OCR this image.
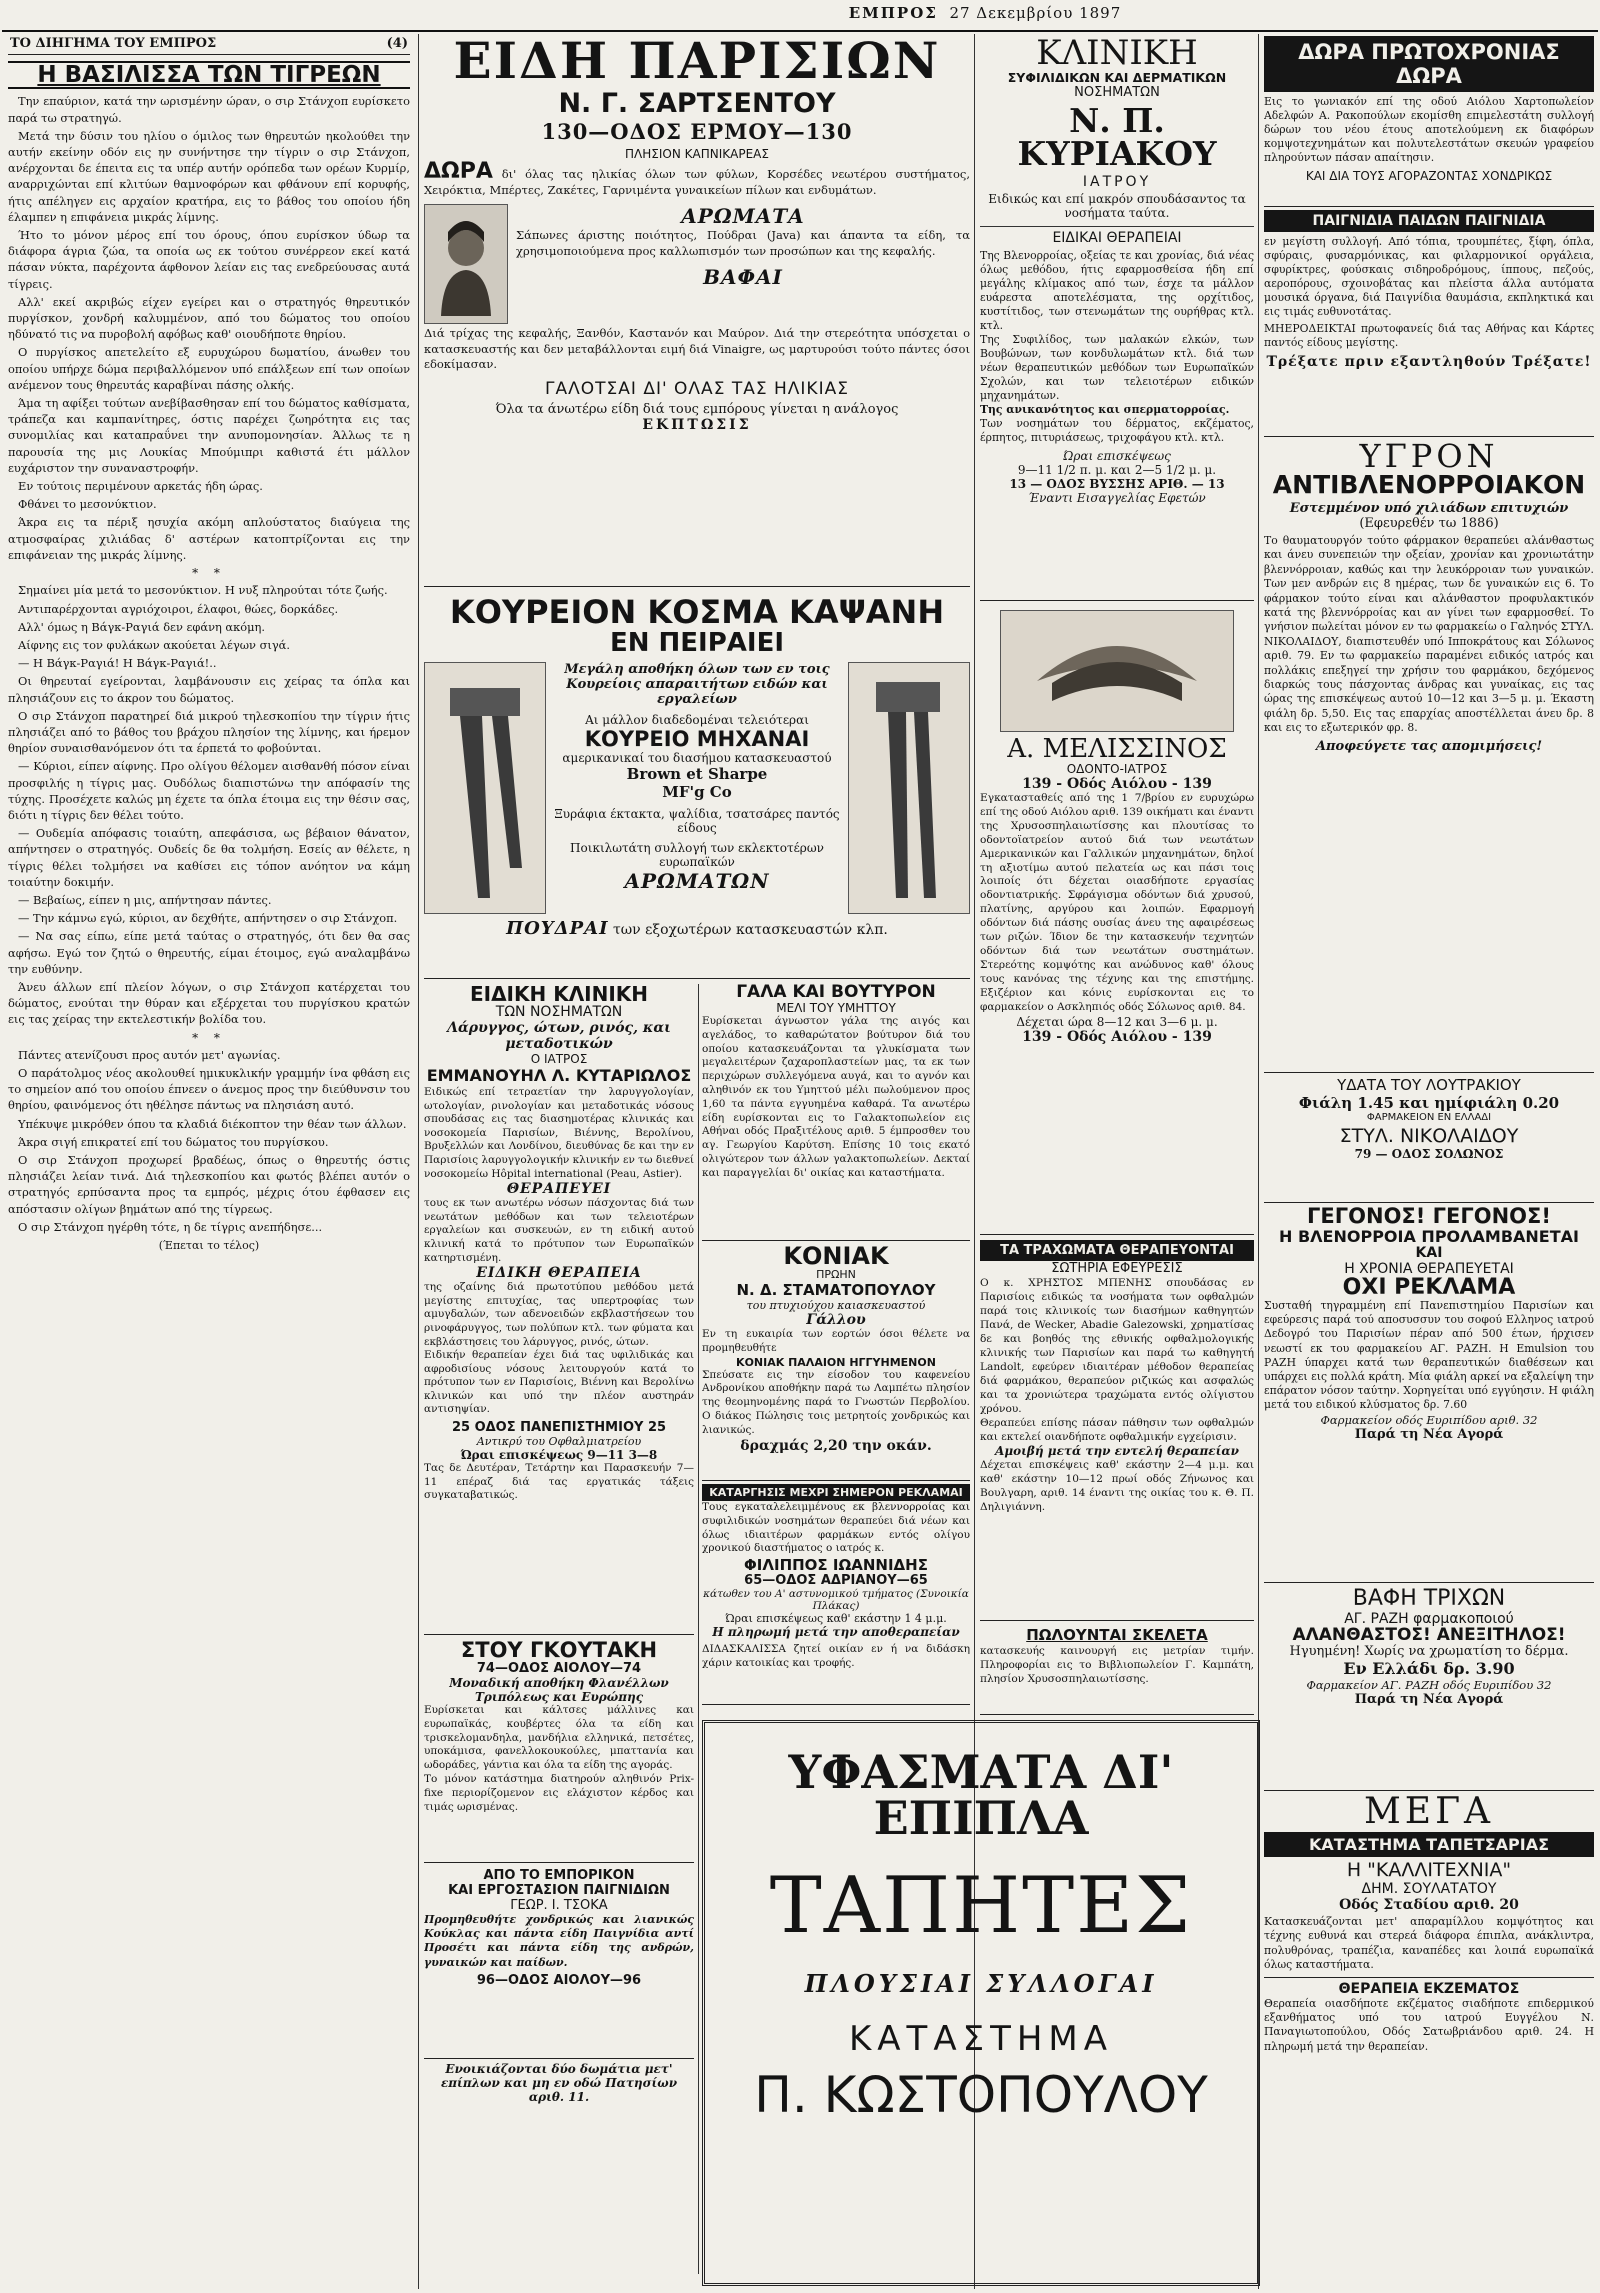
ΕΜΠΡΟΣ 27 Δεκεμβρίου 1897
ΤΟ ΔΙΗΓΗΜΑ ΤΟΥ ΕΜΠΡΟΣ	(4)
Η ΒΑΣΙΛΙΣΣΑ ΤΩΝ ΤΙΓΡΕΩΝ

Την επαύριον, κατά την ωρισμένην ώραν, ο σιρ Στάνχοπ ευρίσκετο παρά τω στρατηγώ.

Μετά την δύσιν του ηλίου ο όμιλος των θηρευτών ηκολούθει την αυτήν εκείνην οδόν εις ην συνήντησε την τίγριν ο σιρ Στάνχοπ, ανέρχονται δε έπειτα εις τα υπέρ αυτήν ορόπεδα των ορέων Κυρμίρ, αναρριχώνται επί κλιτύων θαμνοφόρων και φθάνουν επί κορυφής, ήτις απέληγεν εις αρχαίον κρατήρα, εις το βάθος του οποίου ήδη έλαμπεν η επιφάνεια μικράς λίμνης.

Ήτο το μόνον μέρος επί του όρους, όπου ευρίσκον ύδωρ τα διάφορα άγρια ζώα, τα οποία ως εκ τούτου συνέρρεον εκεί κατά πάσαν νύκτα, παρέχοντα άφθονον λείαν εις τας ενεδρεύουσας αυτά τίγρεις.

Αλλ' εκεί ακριβώς είχεν εγείρει και ο στρατηγός θηρευτικόν πυργίσκον, χονδρή καλυμμένον, από του δώματος του οποίου ηδύνατό τις να πυροβολή αφόβως καθ' οιουδήποτε θηρίου.

Ο πυργίσκος απετελείτο εξ ευρυχώρου δωματίου, άνωθεν του οποίου υπήρχε δώμα περιβαλλόμενον υπό επάλξεων επί των οποίων ανέμενον τους θηρευτάς καραβίναι πάσης ολκής.

Άμα τη αφίξει τούτων ανεβίβασθησαν επί του δώματος καθίσματα, τράπεζα και καμπανίτηρες, όστις παρέχει ζωηρότητα εις τας συνομιλίας και καταπραΰνει την ανυπομονησίαν. Άλλως τε η παρουσία της μις Λουκίας Μπούμιπρι καθιστά έτι μάλλον ευχάριστον την συναναστροφήν.

Εν τούτοις περιμένουν αρκετάς ήδη ώρας.

Φθάνει το μεσονύκτιον.

Άκρα εις τα πέριξ ησυχία ακόμη απλούστατος διαύγεια της ατμοσφαίρας χιλιάδας δ' αστέρων κατοπτρίζονται εις την επιφάνειαν της μικράς λίμνης.

* *

Σημαίνει μία μετά το μεσονύκτιον. Η νυξ πληρούται τότε ζωής.

Αντιπαρέρχονται αγριόχοιροι, έλαφοι, θώες, δορκάδες.

Αλλ' όμως η Βάγκ-Ραγιά δεν εφάνη ακόμη.

Αίφνης εις τον φυλάκων ακούεται λέγων σιγά.

— Η Βάγκ-Ραγιά! Η Βάγκ-Ραγιά!..

Οι θηρευταί εγείρονται, λαμβάνουσιν εις χείρας τα όπλα και πλησιάζουν εις το άκρον του δώματος.

Ο σιρ Στάνχοπ παρατηρεί διά μικρού τηλεσκοπίου την τίγριν ήτις πλησιάζει από το βάθος του βράχου πλησίον της λίμνης, και ήρεμον θηρίον συναισθανόμενον ότι τα έρπετά το φοβούνται.

— Κύριοι, είπεν αίφνης. Προ ολίγου θέλομεν αισθανθή πόσον είναι προσφιλής η τίγρις μας. Ουδόλως διαπιστώνω την απόφασίν της τύχης. Προσέχετε καλώς μη έχετε τα όπλα έτοιμα εις την θέσιν σας, διότι η τίγρις δεν θέλει τούτο.

— Ουδεμία απόφασις τοιαύτη, απεφάσισα, ως βέβαιον θάνατον, απήντησεν ο στρατηγός. Ουδείς δε θα τολμήση. Εσείς αν θέλετε, η τίγρις θέλει τολμήσει να καθίσει εις τόπον ανόητον να κάμη τοιαύτην δοκιμήν.

— Βεβαίως, είπεν η μις, απήντησαν πάντες.

— Την κάμνω εγώ, κύριοι, αν δεχθήτε, απήντησεν ο σιρ Στάνχοπ.

— Να σας είπω, είπε μετά ταύτας ο στρατηγός, ότι δεν θα σας αφήσω. Εγώ τον ζητώ ο θηρευτής, είμαι έτοιμος, εγώ αναλαμβάνω την ευθύνην.

Άνευ άλλων επί πλείον λόγων, ο σιρ Στάνχοπ κατέρχεται του δώματος, ενούται την θύραν και εξέρχεται του πυργίσκου κρατών εις τας χείρας την εκτελεστικήν βολίδα του.

* *

Πάντες ατενίζουσι προς αυτόν μετ' αγωνίας.

Ο παράτολμος νέος ακολουθεί ημικυκλικήν γραμμήν ίνα φθάση εις το σημείον από του οποίου έπνεεν ο άνεμος προς την διεύθυνσιν του θηρίου, φαινόμενος ότι ηθέλησε πάντως να πλησιάση αυτό.

Υπέκυψε μικρόθεν όπου τα κλαδιά διέκοπτον την θέαν των άλλων.

Άκρα σιγή επικρατεί επί του δώματος του πυργίσκου.

Ο σιρ Στάνχοπ προχωρεί βραδέως, όπως ο θηρευτής όστις πλησιάζει λείαν τινά. Διά τηλεσκοπίου και φωτός βλέπει αυτόν ο στρατηγός ερπύσαντα προς τα εμπρός, μέχρις ότου έφθασεν εις απόστασιν ολίγων βημάτων από της τίγρεως.

Ο σιρ Στάνχοπ ηγέρθη τότε, η δε τίγρις ανεπήδησε...

(Έπεται το τέλος)
ΕΙΔΗ ΠΑΡΙΣΙΩΝ
Ν. Γ. ΣΑΡΤΣΕΝΤΟΥ
130—ΟΔΟΣ ΕΡΜΟΥ—130
ΠΛΗΣΙΟΝ ΚΑΠΝΙΚΑΡΕΑΣ
ΔΩΡΑ δι' όλας τας ηλικίας όλων των φύλων, Κορσέδες νεωτέρου συστήματος, Χειρόκτια, Μπέρτες, Ζακέτες, Γαρνιμέντα γυναικείων πίλων και ενδυμάτων.
ΑΡΩΜΑΤΑ
Σάπωνες άριστης ποιότητος, Πούδραι (Java) και άπαντα τα είδη, τα χρησιμοποιούμενα προς καλλωπισμόν των προσώπων και της κεφαλής.
ΒΑΦΑΙ
Διά τρίχας της κεφαλής, Ξανθόν, Καστανόν και Μαύρον. Διά την στερεότητα υπόσχεται ο κατασκευαστής και δεν μεταβάλλονται ειμή διά Vinaigre, ως μαρτυρούσι τούτο πάντες όσοι εδοκίμασαν.
ΓΑΛΟΤΣΑΙ ΔΙ' ΟΛΑΣ ΤΑΣ ΗΛΙΚΙΑΣ
Όλα τα άνωτέρω είδη διά τους εμπόρους γίνεται η ανάλογος
ΕΚΠΤΩΣΙΣ
ΚΟΥΡΕΙΟΝ ΚΟΣΜΑ ΚΑΨΑΝΗ
ΕΝ ΠΕΙΡΑΙΕΙ
Μεγάλη αποθήκη όλων των εν τοις Κουρείοις απαραιτήτων ειδών και εργαλείων
Αι μάλλον διαδεδομέναι τελειότεραι
ΚΟΥΡΕΙΟ ΜΗΧΑΝΑΙ
αμερικανικαί του διασήμου κατασκευαστού
Brown et Sharpe
MF'g Co
Ξυράφια έκτακτα, ψαλίδια, τσατσάρες παντός είδους
Ποικιλωτάτη συλλογή των εκλεκτοτέρων ευρωπαϊκών
ΑΡΩΜΑΤΩΝ
ΠΟΥΔΡΑΙ των εξοχωτέρων κατασκευαστών κλπ.
ΕΙΔΙΚΗ ΚΛΙΝΙΚΗ
ΤΩΝ ΝΟΣΗΜΑΤΩΝ
Λάρυγγος, ώτων, ρινός, και μεταδοτικών
Ο ΙΑΤΡΟΣ
ΕΜΜΑΝΟΥΗΛ Λ. ΚΥΤΑΡΙΩΛΟΣ
Ειδικώς επί τετραετίαν την λαρυγγολογίαν, ωτολογίαν, ρινολογίαν και μεταδοτικάς νόσους σπουδάσας εις τας διασημοτέρας κλινικάς και νοσοκομεία Παρισίων, Βιέννης, Βερολίνου, Βρυξελλών και Λονδίνου, διευθύνας δε και την εν Παρισίοις λαρυγγολογικήν κλινικήν εν τω διεθνεί νοσοκομείω Hôpital international (Peau, Astier).
ΘΕΡΑΠΕΥΕΙ
τους εκ των ανωτέρω νόσων πάσχοντας διά των νεωτάτων μεθόδων και των τελειοτέρων εργαλείων και συσκευών, εν τη ειδική αυτού κλινική κατά το πρότυπον των Ευρωπαϊκών κατηρτισμένη.
ΕΙΔΙΚΗ ΘΕΡΑΠΕΙΑ
της οζαίνης διά πρωτοτύπου μεθόδου μετά μεγίστης επιτυχίας, τας υπερτροφίας των αμυγδαλών, των αδενοειδών εκβλαστήσεων του ρινοφάρυγγος, των πολύπων κτλ. των φύματα και εκβλάστησεις του λάρυγγος, ρινός, ώτων.
Ειδικήν θεραπείαν έχει διά τας υφιλιδικάς και αφροδισίους νόσους λειτουργούν κατά το πρότυπον των εν Παρισίοις, Βιέννη και Βερολίνω κλινικών και υπό την πλέον αυστηράν αντισηψίαν.
25 ΟΔΟΣ ΠΑΝΕΠΙΣΤΗΜΙΟΥ 25
Αντικρύ του Οφθαλμιατρείου
Ώραι επισκέψεως 9—11 3—8
Τας δε Δευτέραν, Τετάρτην και Παρασκευήν 7—11 επέραζ διά τας εργατικάς τάξεις συγκαταβατικώς.
ΓΑΛΑ ΚΑΙ ΒΟΥΤΥΡΟΝ
ΜΕΛΙ ΤΟΥ ΥΜΗΤΤΟΥ
Ευρίσκεται άγνωστον γάλα της αιγός και αγελάδος, το καθαρώτατον βούτυρον διά του οποίου κατασκευάζονται τα γλυκίσματα των μεγαλειτέρων ζαχαροπλαστείων μας, τα εκ των περιχώρων συλλεγόμενα αυγά, και το αγνόν και αληθινόν εκ του Υμηττού μέλι πωλούμενον προς 1,60 τα πάντα εγγυημένα καθαρά. Τα ανωτέρω είδη ευρίσκονται εις το Γαλακτοπωλείον εις Αθήναι οδός Πραξιτέλους αριθ. 5 έμπροσθεν του αγ. Γεωργίου Καρύτση. Επίσης 10 τοις εκατό ολιγώτερον των άλλων γαλακτοπωλείων. Δεκταί και παραγγελίαι δι' οικίας και καταστήματα.
ΚΟΝΙΑΚ
ΠΡΩΗΝ
Ν. Δ. ΣΤΑΜΑΤΟΠΟΥΛΟΥ
του πτυχιούχου καιασκευαστού
Γάλλου
Εν τη ευκαιρία των εορτών όσοι θέλετε να προμηθευθήτε
ΚΟΝΙΑΚ ΠΑΛΑΙΟΝ ΗΓΓΥΗΜΕΝΟΝ
Σπεύσατε εις την είσοδον του καφενείου Ανδρονίκου αποθήκην παρά τω Λαμπέτω πλησίον της θεομηνομένης παρά το Γνωστών Περβολίου. Ο διάκος Πώλησις τοις μετρητοίς χονδρικώς και λιανικώς.
δραχμάς 2,20 την οκάν.
ΚΑΤΑΡΓΗΣΙΣ ΜΕΧΡΙ ΣΗΜΕΡΟΝ ΡΕΚΛΑΜΑΙ
Τους εγκαταλελειμμένους εκ βλεννορροίας και συφιλιδικών νοσημάτων θεραπεύει διά νέων και όλως ιδιαιτέρων φαρμάκων εντός ολίγου χρονικού διαστήματος ο ιατρός κ.
ΦΙΛΙΠΠΟΣ ΙΩΑΝΝΙΔΗΣ
65—ΟΔΟΣ ΑΔΡΙΑΝΟΥ—65
κάτωθεν του Α' αστυνομικού τμήματος (Συνοικία Πλάκας)
Ώραι επισκέψεως καθ' εκάστην 1 4 μ.μ.
Η πληρωμή μετά την αποθεραπείαν
ΔΙΔΑΣΚΑΛΙΣΣΑ ζητεί οικίαν εν ή να διδάσκη χάριν κατοικίας και τροφής.
ΣΤΟΥ ΓΚΟΥΤΑΚΗ
74—ΟΔΟΣ ΑΙΟΛΟΥ—74
Μοναδική αποθήκη Φλανέλλων Τριπόλεως και Ευρώπης
Ευρίσκεται και κάλτσες μάλλινες και ευρωπαϊκάς, κουβέρτες όλα τα είδη και τρισκελομανδηλα, μανδήλια ελληνικά, πετσέτες, υποκάμισα, φανελλοκουκούλες, μπαττανία και ωδοράδες, γάντια και όλα τα είδη της αγοράς.
Το μόνον κατάστημα διατηρούν αληθινόν Prix-fixe περιορίζομενον εις ελάχιστον κέρδος και τιμάς ωρισμένας.
ΑΠΟ ΤΟ ΕΜΠΟΡΙΚΟΝ
ΚΑΙ ΕΡΓΟΣΤΑΣΙΟΝ ΠΑΙΓΝΙΔΙΩΝ
ΓΕΩΡ. Ι. ΤΣΟΚΑ
Προμηθευθήτε χονδρικώς και λιανικώς Κούκλας και πάντα είδη Παιγνίδια αντί Προσέτι και πάντα είδη της ανδρών, γυναικών και παίδων.
96—ΟΔΟΣ ΑΙΟΛΟΥ—96
Ενοικιάζονται δύο δωμάτια μετ' επίπλων και μη εν οδώ Πατησίων αριθ. 11.
ΚΛΙΝΙΚΗ
ΣΥΦΙΛΙΔΙΚΩΝ ΚΑΙ ΔΕΡΜΑΤΙΚΩΝ
ΝΟΣΗΜΑΤΩΝ
Ν. Π. ΚΥΡΙΑΚΟΥ
ΙΑΤΡΟΥ
Ειδικώς και επί μακρόν σπουδάσαντος τα νοσήματα ταύτα.
ΕΙΔΙΚΑΙ ΘΕΡΑΠΕΙΑΙ
Της Βλενορροίας, οξείας τε και χρονίας, διά νέας όλως μεθόδου, ήτις εφαρμοσθείσα ήδη επί μεγάλης κλίμακος από των, έσχε τα μάλλον ευάρεστα αποτελέσματα, της ορχίτιδος, κυστίτιδος, των στενωμάτων της ουρήθρας κτλ. κτλ.
Της Συφιλίδος, των μαλακών ελκών, των Βουβώνων, των κονδυλωμάτων κτλ. διά των νέων θεραπευτικών μεθόδων των Ευρωπαϊκών Σχολών, και των τελειοτέρων ειδικών μηχανημάτων.
Της ανικανότητος και σπερματορροίας.
Των νοσημάτων του δέρματος, εκζέματος, έρπητος, πιτυριάσεως, τριχοφάγου κτλ. κτλ.
Ώραι επισκέψεως
9—11 1/2 π. μ. και 2—5 1/2 μ. μ.
13 — ΟΔΟΣ ΒΥΣΣΗΣ ΑΡΙΘ. — 13
Έναντι Εισαγγελίας Εφετών
Α. ΜΕΛΙΣΣΙΝΟΣ
ΟΔΟΝΤΟ-ΙΑΤΡΟΣ
139 - Οδός Αιόλου - 139
Εγκατασταθείς από της 1 7/βρίου εν ευρυχώρω επί της οδού Αιόλου αριθ. 139 οικήματι και έναντι της Χρυσοσπηλαιωτίσσης και πλουτίσας το οδοντοϊατρείον αυτού διά των νεωτάτων Αμερικανικών και Γαλλικών μηχανημάτων, δηλοί τη αξιοτίμω αυτού πελατεία ως και πάσι τοις λοιποίς ότι δέχεται οιασδήποτε εργασίας οδοντιατρικής. Σφράγισμα οδόντων διά χρυσού, πλατίνης, αργύρου και λοιπών. Εφαρμογή οδόντων διά πάσης ουσίας άνευ της αφαιρέσεως των ριζών. Ίδιον δε την κατασκευήν τεχνητών οδόντων διά των νεωτάτων συστημάτων. Στερεότης κομψότης και ανώδυνος καθ' όλους τους κανόνας της τέχνης και της επιστήμης. Εξιζέριον και κόνις ευρίσκονται εις το φαρμακείον ο Ασκληπιός οδός Σόλωνος αριθ. 84.
Δέχεται ώρα 8—12 και 3—6 μ. μ.
139 - Οδός Αιόλου - 139
ΤΑ ΤΡΑΧΩΜΑΤΑ ΘΕΡΑΠΕΥΟΝΤΑΙ
ΣΩΤΗΡΙΑ ΕΦΕΥΡΕΣΙΣ
Ο κ. ΧΡΗΣΤΟΣ ΜΠΕΝΗΣ σπουδάσας εν Παρισίοις ειδικώς τα νοσήματα των οφθαλμών παρά τοις κλινικοίς των διασήμων καθηγητών Πανά, de Wecker, Abadie Galezowski, χρηματίσας δε και βοηθός της εθνικής οφθαλμολογικής κλινικής των Παρισίων και παρά τω καθηγητή Landolt, εφεύρεν ιδιαιτέραν μέθοδον θεραπείας διά φαρμάκου, θεραπεύον ριζικώς και ασφαλώς και τα χρονιώτερα τραχώματα εντός ολίγιστου χρόνου.
Θεραπεύει επίσης πάσαν πάθησιν των οφθαλμών και εκτελεί οιανδήποτε οφθαλμικήν εγχείρισιν.
Αμοιβή μετά την εντελή θεραπείαν
Δέχεται επισκέψεις καθ' εκάστην 2—4 μ.μ. και καθ' εκάστην 10—12 πρωί οδός Ζήνωνος και Βουλγαρη, αριθ. 14 έναντι της οικίας του κ. Θ. Π. Δηλιγιάννη.
ΠΩΛΟΥΝΤΑΙ ΣΚΕΛΕΤΑ
κατασκευής καινουργή εις μετρίαν τιμήν. Πληροφορίαι εις το Βιβλιοπωλείον Γ. Καμπάτη, πλησίον Χρυσοσπηλαιωτίσσης.
ΥΦΑΣΜΑΤΑ ΔΙ' ΕΠΙΠΛΑ
ΤΑΠΗΤΕΣ
ΠΛΟΥΣΙΑΙ ΣΥΛΛΟΓΑΙ
ΚΑΤΑΣΤΗΜΑ
Π. ΚΩΣΤΟΠΟΥΛΟΥ
ΔΩΡΑ ΠΡΩΤΟΧΡΟΝΙΑΣ ΔΩΡΑ
Εις το γωνιακόν επί της οδού Αιόλου Χαρτοπωλείον Αδελφών Α. Ρακοπούλων εκομίσθη επιμελεστάτη συλλογή δώρων του νέου έτους αποτελούμενη εκ διαφόρων κομψοτεχνημάτων και πολυτελεστάτων σκευών γραφείου πληρούντων πάσαν απαίτησιν.
ΚΑΙ ΔΙΑ ΤΟΥΣ ΑΓΟΡΑΖΟΝΤΑΣ ΧΟΝΔΡΙΚΩΣ
ΠΑΙΓΝΙΔΙΑ ΠΑΙΔΩΝ ΠΑΙΓΝΙΔΙΑ
εν μεγίστη συλλογή. Από τόπια, τρουμπέτες, ξίφη, όπλα, σφύραις, φυσαρμόνικας, και φιλαρμονικοί οργάλεια, σφυρίκτρες, φούσκαις σιδηροδρόμους, ίππους, πεζούς, αεροπόρους, σχοινοβάτας και πλείστα άλλα αυτόματα μουσικά όργανα, διά Παιγνίδια θαυμάσια, εκπληκτικά και εις τιμάς ευθυνοτάτας.
ΜΗΕΡΟΔΕΙΚΤΑΙ πρωτοφανείς διά τας Αθήνας και Κάρτες παντός είδους μεγίστης.
Τρέξατε πριν εξαντληθούν Τρέξατε!
ΥΓΡΟΝ
ΑΝΤΙΒΛΕΝΟΡΡΟΙΑΚΟΝ
Εστεμμένον υπό χιλιάδων επιτυχιών
(Εφευρεθέν τω 1886)
Το θαυματουργόν τούτο φάρμακον θεραπεύει αλάνθαστως και άνευ συνεπειών την οξείαν, χρονίαν και χρονιωτάτην βλεννόρροιαν, καθώς και την λευκόρροιαν των γυναικών. Των μεν ανδρών εις 8 ημέρας, των δε γυναικών εις 6. Το φάρμακον τούτο είναι και αλάνθαστον προφυλακτικόν κατά της βλεννόρροίας και αν γίνει των εφαρμοσθεί. Το γνήσιον πωλείται μόνον εν τω φαρμακείω ο Γαληνός ΣΤΥΛ. ΝΙΚΟΛΑΙΔΟΥ, διαπιστευθέν υπό Ιπποκράτους και Σόλωνος αριθ. 79. Εν τω φαρμακείω παραμένει ειδικός ιατρός και πολλάκις επεξηγεί την χρήσιν του φαρμάκου, δεχόμενος διαρκώς τους πάσχοντας άνδρας και γυναίκας, εις τας ώρας της επισκέψεως αυτού 10—12 και 3—5 μ. μ. Έκαστη φιάλη δρ. 5,50. Εις τας επαρχίας αποστέλλεται άνευ δρ. 8 και εις το εξωτερικόν φρ. 8.
Αποφεύγετε τας απομιμήσεις!
ΥΔΑΤΑ ΤΟΥ ΛΟΥΤΡΑΚΙΟΥ
Φιάλη 1.45 και ημίφιάλη 0.20
ΦΑΡΜΑΚΕΙΟΝ ΕΝ ΕΛΛΑΔΙ
ΣΤΥΛ. ΝΙΚΟΛΑΙΔΟΥ
79 — ΟΔΟΣ ΣΟΛΩΝΟΣ
ΓΕΓΟΝΟΣ! ΓΕΓΟΝΟΣ!
Η ΒΛΕΝΟΡΡΟΙΑ ΠΡΟΛΑΜΒΑΝΕΤΑΙ
ΚΑΙ
Η ΧΡΟΝΙΑ ΘΕΡΑΠΕΥΕΤΑΙ
ΟΧΙ ΡΕΚΛΑΜΑ
Συσταθή τηγραμμένη επί Πανεπιστημίου Παρισίων και εφεύρεσις παρά τού αποσυσσυν του σοφού Ελληνος ιατρού Δεδογρό του Παρισίων πέραν από 500 έτων, ήρχισεν νεωστί εκ του φαρμακείου ΑΓ. ΡΑΖΗ. Η Emulsion του ΡΑΖΗ ύπαρχει κατά των θεραπευτικών διαθέσεων και υπάρχει εις πολλά κράτη. Μία φιάλη αρκεί να εξαλείψη την επάρατον νόσον ταύτην. Χορηγείται υπό εγγύησιν. Η φιάλη μετά του ειδικού κλύσματος δρ. 7.60
Φαρμακείον οδός Ευριπίδου αριθ. 32
Παρά τη Νέα Αγορά
ΒΑΦΗ ΤΡΙΧΩΝ
ΑΓ. ΡΑΖΗ φαρμακοποιού
ΑΛΑΝΘΑΣΤΟΣ! ΑΝΕΞΙΤΗΛΟΣ!
Ηγυημένη! Χωρίς να χρωματίση το δέρμα.
Εν Ελλάδι δρ. 3.90
Φαρμακείον ΑΓ. ΡΑΖΗ οδός Ευριπίδου 32
Παρά τη Νέα Αγορά
ΜΕΓΑ
ΚΑΤΑΣΤΗΜΑ ΤΑΠΕΤΣΑΡΙΑΣ
Η "ΚΑΛΛΙΤΕΧΝΙΑ"
ΔΗΜ. ΣΟΥΛΑΤΑΤΟΥ
Οδός Σταδίου αριθ. 20
Κατασκευάζονται μετ' απαραμίλλου κομψότητος και τέχνης ευθυνά και στερεά διάφορα έπιπλα, ανάκλιντρα, πολυθρόνας, τραπέζια, καναπέδες και λοιπά ευρωπαϊκά όλως καταστήματα.
ΘΕΡΑΠΕΙΑ ΕΚΖΕΜΑΤΟΣ
Θεραπεία οιασδήποτε εκζέματος σιαδήποτε επιδερμικού εξανθήματος υπό του ιατρού Ευγγέλου Ν. Παναγιωτοπούλου, Οδός Σατωβριάνδου αριθ. 24. Η πληρωμή μετά την θεραπείαν.
